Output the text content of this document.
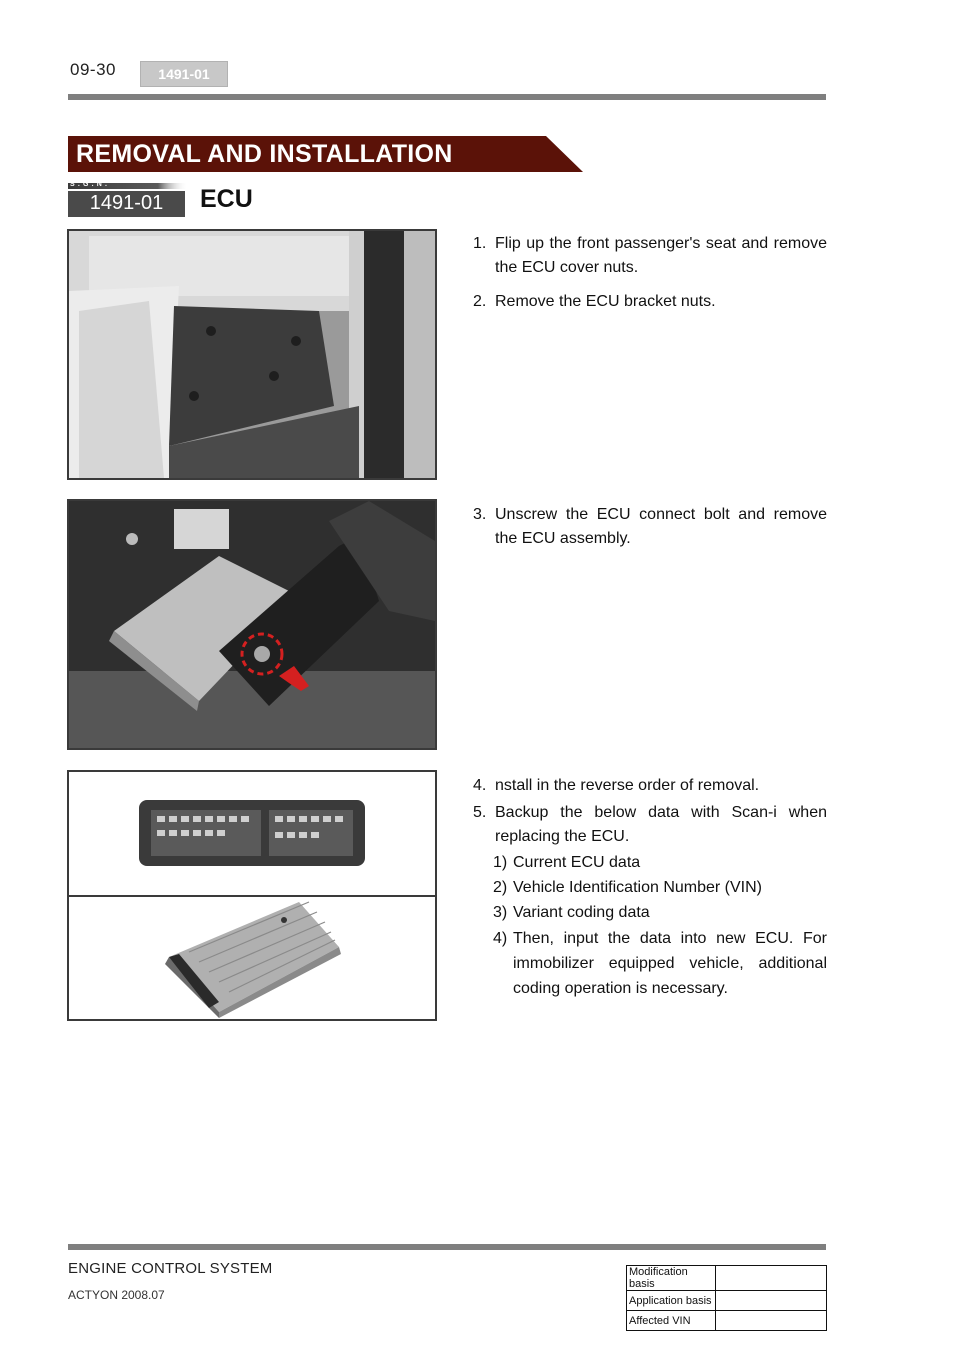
09-30	1491-01
REMOVAL AND INSTALLATION
S.G.N.
1491-01	ECU
1. Flip up the front passenger's seat and remove the ECU cover nuts.
2. Remove the ECU bracket nuts.
3. Unscrew the ECU connect bolt and remove the ECU assembly.
4. nstall in the reverse order of removal.
5. Backup the below data with Scan-i when replacing the ECU.
1) Current ECU data
2) Vehicle Identification Number (VIN)
3) Variant coding data
4) Then, input the data into new ECU. For immobilizer equipped vehicle, additional coding operation is necessary.
ENGINE CONTROL SYSTEM
ACTYON 2008.07
Modification basis	
Application basis	
Affected VIN	
